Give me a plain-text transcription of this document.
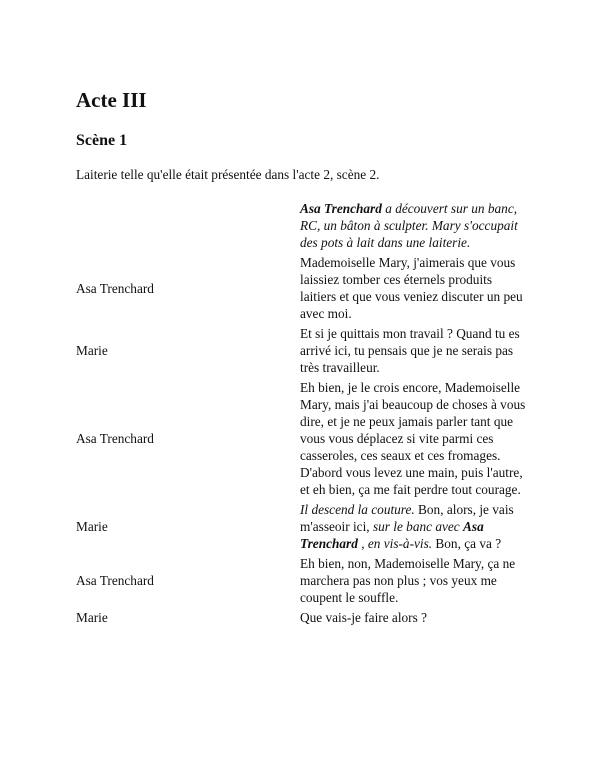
Acte III
Scène 1

Laiterie telle qu'elle était présentée dans l'acte 2, scène 2.

Asa Trenchard a découvert sur un banc, RC, un bâton à sculpter. Mary s'occupait des pots à lait dans une laiterie.
Asa Trenchard
Mademoiselle Mary, j'aimerais que vous laissiez tomber ces éternels produits laitiers et que vous veniez discuter un peu avec moi.
Marie
Et si je quittais mon travail ? Quand tu es arrivé ici, tu pensais que je ne serais pas très travailleur.
Asa Trenchard
Eh bien, je le crois encore, Mademoiselle Mary, mais j'ai beaucoup de choses à vous dire, et je ne peux jamais parler tant que vous vous déplacez si vite parmi ces casseroles, ces seaux et ces fromages. D'abord vous levez une main, puis l'autre, et eh bien, ça me fait perdre tout courage.
Marie
Il descend la couture. Bon, alors, je vais m'asseoir ici, sur le banc avec Asa Trenchard , en vis-à-vis. Bon, ça va ?
Asa Trenchard
Eh bien, non, Mademoiselle Mary, ça ne marchera pas non plus ; vos yeux me coupent le souffle.
Marie	Que vais-je faire alors ?
